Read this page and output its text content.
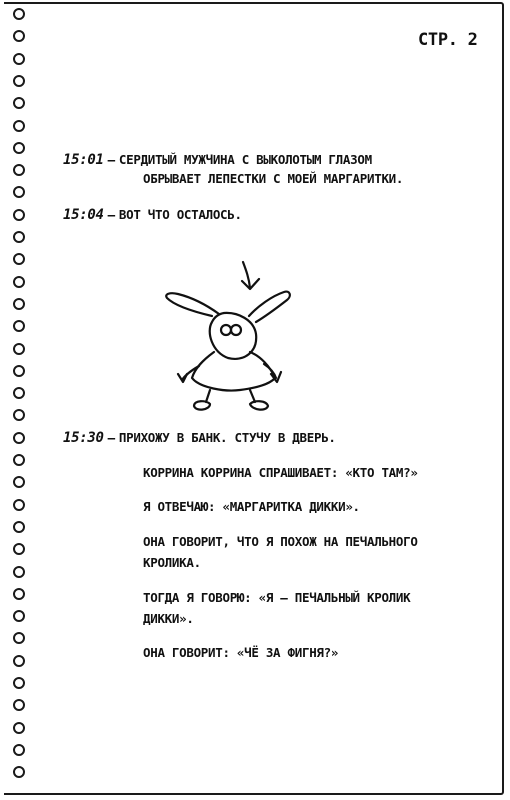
СТР. 2
15:01 – СЕРДИТЫЙ МУЖЧИНА С ВЫКОЛОТЫМ ГЛАЗОМ
ОБРЫВАЕТ ЛЕПЕСТКИ С МОЕЙ МАРГАРИТКИ.
15:04 – ВОТ ЧТО ОСТАЛОСЬ.
15:30 – ПРИХОЖУ В БАНК. СТУЧУ В ДВЕРЬ.
КОРРИНА КОРРИНА СПРАШИВАЕТ: «КТО ТАМ?»
Я ОТВЕЧАЮ: «МАРГАРИТКА ДИККИ».
ОНА ГОВОРИТ, ЧТО Я ПОХОЖ НА ПЕЧАЛЬНОГО
КРОЛИКА.
ТОГДА Я ГОВОРЮ: «Я – ПЕЧАЛЬНЫЙ КРОЛИК
ДИККИ».
ОНА ГОВОРИТ: «ЧЁ ЗА ФИГНЯ?»
